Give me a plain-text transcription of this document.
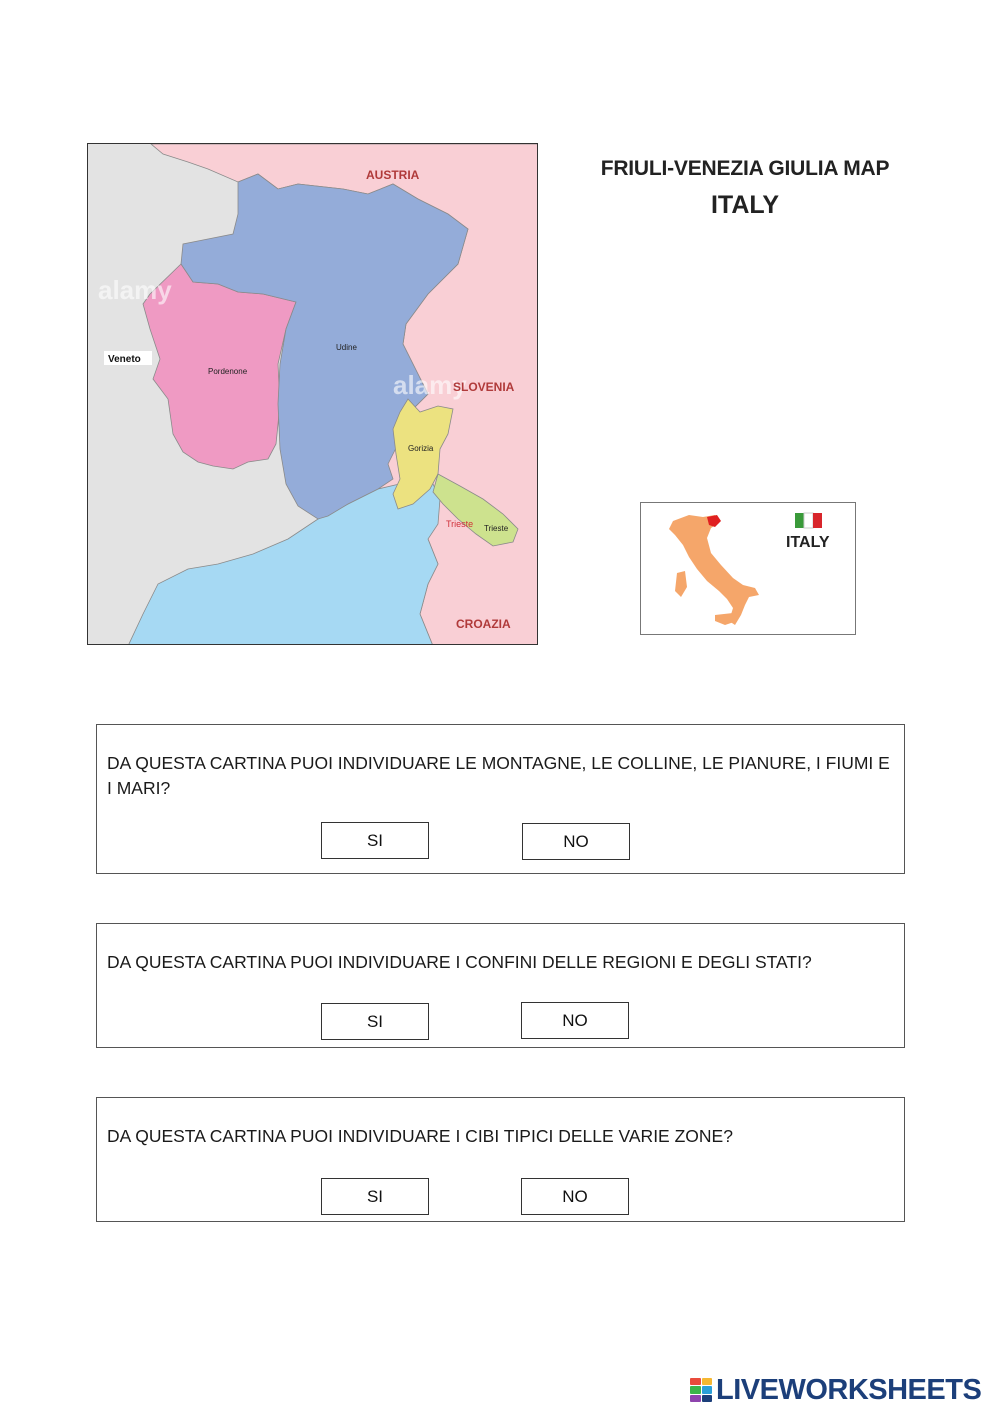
alamy
alamy
AUSTRIA
SLOVENIA
CROAZIA
Veneto
Pordenone
Udine
Gorizia
Trieste Trieste
FRIULI-VENEZIA GIULIA MAP
ITALY
ITALY
DA QUESTA CARTINA PUOI INDIVIDUARE LE MONTAGNE, LE COLLINE, LE PIANURE, I FIUMI E I MARI?
SI	NO
DA QUESTA CARTINA PUOI INDIVIDUARE I CONFINI DELLE REGIONI E DEGLI STATI?
SI	NO
DA QUESTA CARTINA PUOI INDIVIDUARE I CIBI TIPICI DELLE VARIE ZONE?
SI	NO
LIVEWORKSHEETS
